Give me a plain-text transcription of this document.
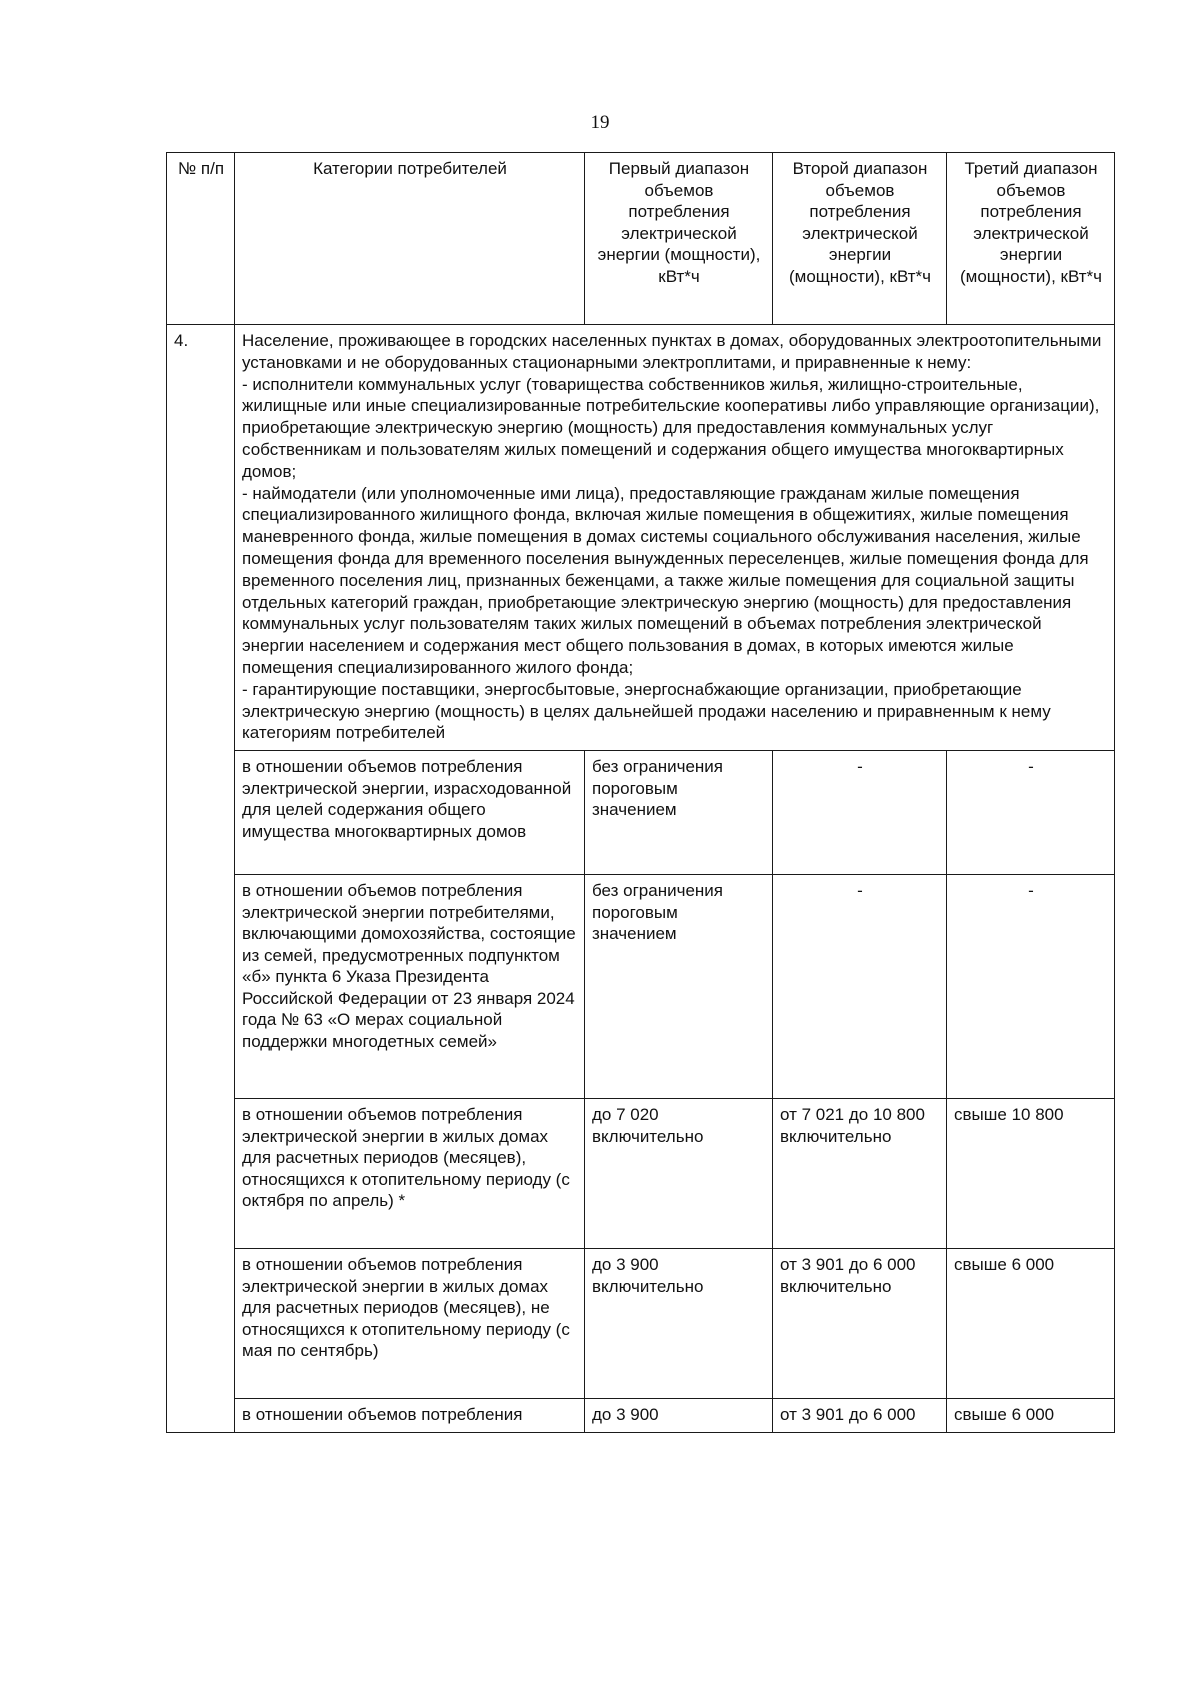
19
№ п/п	Категории потребителей	Первый диапазон объемов потребления электрической энергии (мощности), кВт*ч	Второй диапазон объемов потребления электрической энергии (мощности), кВт*ч	Третий диапазон объемов потребления электрической энергии (мощности), кВт*ч
4.	Население, проживающее в городских населенных пунктах в домах, оборудованных электроотопительными установками и не оборудованных стационарными электроплитами, и приравненные к нему:
- исполнители коммунальных услуг (товарищества собственников жилья, жилищно-строительные, жилищные или иные специализированные потребительские кооперативы либо управляющие организации), приобретающие электрическую энергию (мощность) для предоставления коммунальных услуг собственникам и пользователям жилых помещений и содержания общего имущества многоквартирных домов;
- наймодатели (или уполномоченные ими лица), предоставляющие гражданам жилые помещения специализированного жилищного фонда, включая жилые помещения в общежитиях, жилые помещения маневренного фонда, жилые помещения в домах системы социального обслуживания населения, жилые помещения фонда для временного поселения вынужденных переселенцев, жилые помещения фонда для временного поселения лиц, признанных беженцами, а также жилые помещения для социальной защиты отдельных категорий граждан, приобретающие электрическую энергию (мощность) для предоставления коммунальных услуг пользователям таких жилых помещений в объемах потребления электрической энергии населением и содержания мест общего пользования в домах, в которых имеются жилые помещения специализированного жилого фонда;
- гарантирующие поставщики, энергосбытовые, энергоснабжающие организации, приобретающие электрическую энергию (мощность) в целях дальнейшей продажи населению и приравненным к нему категориям потребителей			

	в отношении объемов потребления электрической энергии, израсходованной для целей содержания общего имущества многоквартирных домов	без ограничения пороговым значением	-	-
	в отношении объемов потребления электрической энергии потребителями, включающими домохозяйства, состоящие из семей, предусмотренных подпунктом «б» пункта 6 Указа Президента Российской Федерации от 23 января 2024 года № 63 «О мерах социальной поддержки многодетных семей»	без ограничения пороговым значением	-	-
	в отношении объемов потребления электрической энергии в жилых домах для расчетных периодов (месяцев), относящихся к отопительному периоду (с октября по апрель) *	до 7 020 включительно	от 7 021 до 10 800 включительно	свыше 10 800
	в отношении объемов потребления электрической энергии в жилых домах для расчетных периодов (месяцев), не относящихся к отопительному периоду (с мая по сентябрь)	до 3 900 включительно	от 3 901 до 6 000 включительно	свыше 6 000
	в отношении объемов потребления	до 3 900	от 3 901 до 6 000	свыше 6 000
